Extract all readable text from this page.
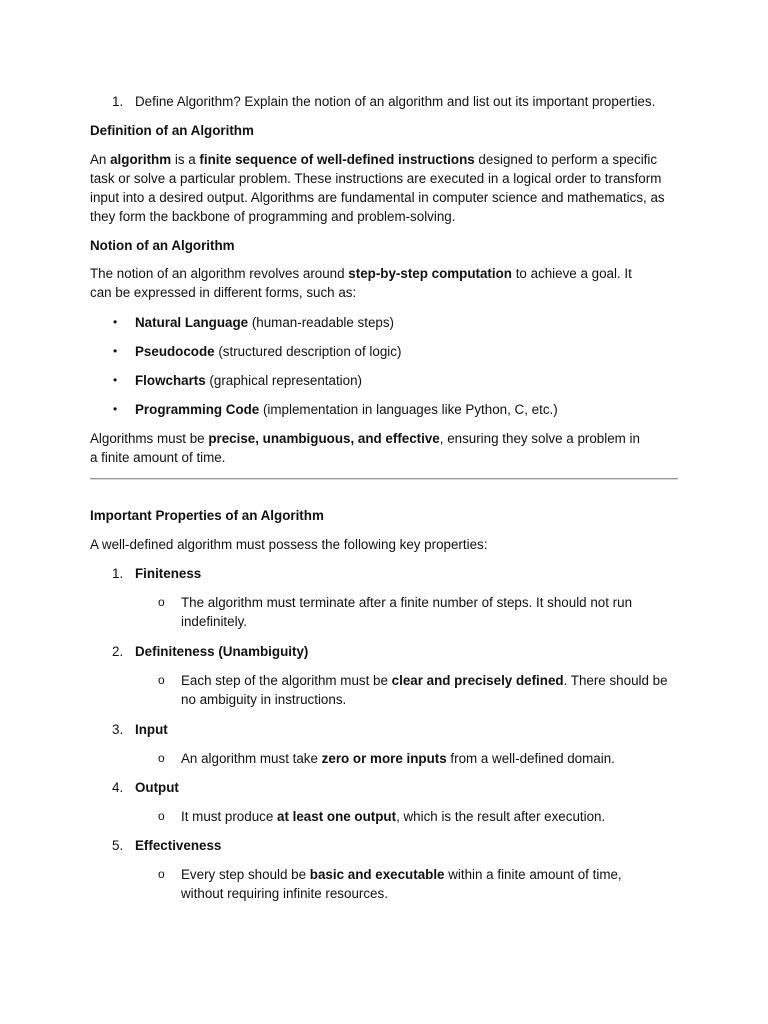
1. Define Algorithm? Explain the notion of an algorithm and list out its important properties.
Definition of an Algorithm
An algorithm is a finite sequence of well-defined instructions designed to perform a specific task or solve a particular problem. These instructions are executed in a logical order to transform input into a desired output. Algorithms are fundamental in computer science and mathematics, as they form the backbone of programming and problem-solving.
Notion of an Algorithm
The notion of an algorithm revolves around step-by-step computation to achieve a goal. It can be expressed in different forms, such as:
• Natural Language (human-readable steps)
• Pseudocode (structured description of logic)
• Flowcharts (graphical representation)
• Programming Code (implementation in languages like Python, C, etc.)
Algorithms must be precise, unambiguous, and effective, ensuring they solve a problem in a finite amount of time.
Important Properties of an Algorithm
A well-defined algorithm must possess the following key properties:
1. Finiteness
o The algorithm must terminate after a finite number of steps. It should not run indefinitely.
2. Definiteness (Unambiguity)
o Each step of the algorithm must be clear and precisely defined. There should be no ambiguity in instructions.
3. Input
o An algorithm must take zero or more inputs from a well-defined domain.
4. Output
o It must produce at least one output, which is the result after execution.
5. Effectiveness
o Every step should be basic and executable within a finite amount of time, without requiring infinite resources.
